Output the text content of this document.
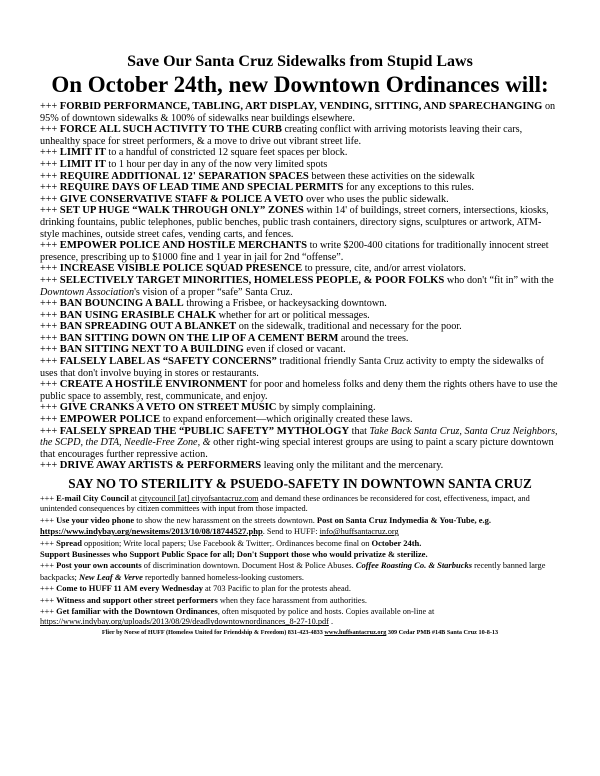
Save Our Santa Cruz Sidewalks from Stupid Laws
On October 24th, new Downtown Ordinances will:

+++ FORBID PERFORMANCE, TABLING, ART DISPLAY, VENDING, SITTING, AND SPARECHANGING on 95% of downtown sidewalks & 100% of sidewalks near buildings elsewhere.

+++ FORCE ALL SUCH ACTIVITY TO THE CURB creating conflict with arriving motorists leaving their cars, unhealthy space for street performers, & a move to drive out vibrant street life.

+++ LIMIT IT to a handful of constricted 12 square feet spaces per block.

+++ LIMIT IT to 1 hour per day in any of the now very limited spots

+++ REQUIRE ADDITIONAL 12' SEPARATION SPACES between these activities on the sidewalk

+++ REQUIRE DAYS OF LEAD TIME AND SPECIAL PERMITS for any exceptions to this rules.

+++ GIVE CONSERVATIVE STAFF & POLICE A VETO over who uses the public sidewalk.

+++ SET UP HUGE “WALK THROUGH ONLY” ZONES within 14' of buildings, street corners, intersections, kiosks, drinking fountains, public telephones, public benches, public trash containers, directory signs, sculptures or artwork, ATM-style machines, outside street cafes, vending carts, and fences.

+++ EMPOWER POLICE AND HOSTILE MERCHANTS to write $200-400 citations for traditionally innocent street presence, prescribing up to $1000 fine and 1 year in jail for 2nd “offense”.

+++ INCREASE VISIBLE POLICE SQUAD PRESENCE to pressure, cite, and/or arrest violators.

+++ SELECTIVELY TARGET MINORITIES, HOMELESS PEOPLE, & POOR FOLKS who don't “fit in” with the Downtown Association's vision of a proper “safe” Santa Cruz.

+++ BAN BOUNCING A BALL throwing a Frisbee, or hackeysacking downtown.

+++ BAN USING ERASIBLE CHALK whether for art or political messages.

+++ BAN SPREADING OUT A BLANKET on the sidewalk, traditional and necessary for the poor.

+++ BAN SITTING DOWN ON THE LIP OF A CEMENT BERM around the trees.

+++ BAN SITTING NEXT TO A BUILDING even if closed or vacant.

+++ FALSELY LABEL AS “SAFETY CONCERNS” traditional friendly Santa Cruz activity to empty the sidewalks of uses that don't involve buying in stores or restaurants.

+++ CREATE A HOSTILE ENVIRONMENT for poor and homeless folks and deny them the rights others have to use the public space to assembly, rest, communicate, and enjoy.

+++ GIVE CRANKS A VETO ON STREET MUSIC by simply complaining.

+++ EMPOWER POLICE to expand enforcement—which originally created these laws.

+++ FALSELY SPREAD THE “PUBLIC SAFETY” MYTHOLOGY that Take Back Santa Cruz, Santa Cruz Neighbors, the SCPD, the DTA, Needle-Free Zone, & other right-wing special interest groups are using to paint a scary picture downtown that encourages further repressive action.

+++ DRIVE AWAY ARTISTS & PERFORMERS leaving only the militant and the mercenary.

SAY NO TO STERILITY & PSUEDO-SAFETY IN DOWNTOWN SANTA CRUZ

+++ E-mail City Council at citycouncil [at] cityofsantacruz.com and demand these ordinances be reconsidered for cost, effectiveness, impact, and unintended consequences by citizen committees with input from those impacted.

+++ Use your video phone to show the new harassment on the streets downtown. Post on Santa Cruz Indymedia & You-Tube, e.g. https://www.indybay.org/newsitems/2013/10/08/18744527.php. Send to HUFF: info@huffsantacruz.org

+++ Spread opposition; Write local papers; Use Facebook & Twitter;. Ordinances become final on October 24th.
Support Businesses who Support Public Space for all; Don't Support those who would privatize & sterilize.

+++ Post your own accounts of discrimination downtown. Document Host & Police Abuses. Coffee Roasting Co. & Starbucks recently banned large backpacks; New Leaf & Verve reportedly banned homeless-looking customers.

+++ Come to HUFF 11 AM every Wednesday at 703 Pacific to plan for the protests ahead.

+++ Witness and support other street performers when they face harassment from authorities.

+++ Get familiar with the Downtown Ordinances, often misquoted by police and hosts. Copies available on-line at https://www.indybay.org/uploads/2013/08/29/deadlydowntownordinances_8-27-10.pdf .

Flier by Norse of HUFF (Homeless United for Friendship & Freedom) 831-423-4833 www.huffsantacruz.org 309 Cedar PMB #14B Santa Cruz 10-8-13
